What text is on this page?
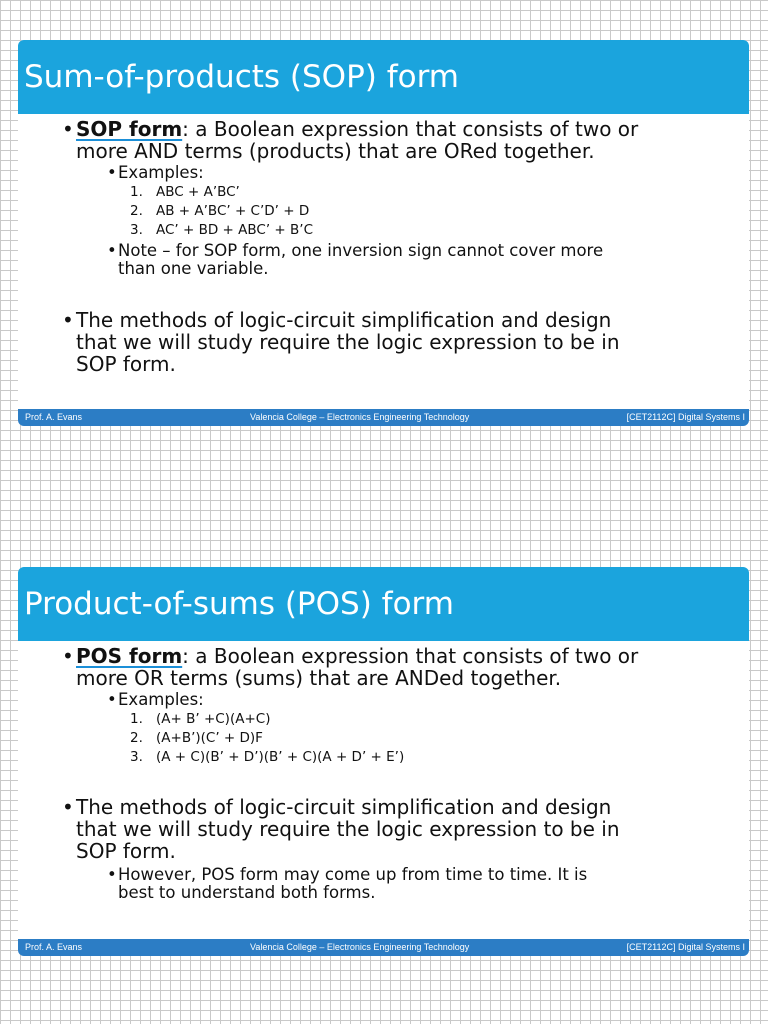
Sum-of-products (SOP) form
• SOP form: a Boolean expression that consists of two or
more AND terms (products) that are ORed together.
• Examples:
1. ABC + A’BC’
2. AB + A’BC’ + C’D’ + D
3. AC’ + BD + ABC’ + B’C
• Note – for SOP form, one inversion sign cannot cover more
than one variable.
• The methods of logic-circuit simplification and design
that we will study require the logic expression to be in
SOP form.
Prof. A. Evans	Valencia College – Electronics Engineering Technology	[CET2112C] Digital Systems I
Product-of-sums (POS) form
• POS form: a Boolean expression that consists of two or
more OR terms (sums) that are ANDed together.
• Examples:
1. (A+ B’ +C)(A+C)
2. (A+B’)(C’ + D)F
3. (A + C)(B’ + D’)(B’ + C)(A + D’ + E’)
• The methods of logic-circuit simplification and design
that we will study require the logic expression to be in
SOP form.
• However, POS form may come up from time to time. It is
best to understand both forms.
Prof. A. Evans	Valencia College – Electronics Engineering Technology	[CET2112C] Digital Systems I
